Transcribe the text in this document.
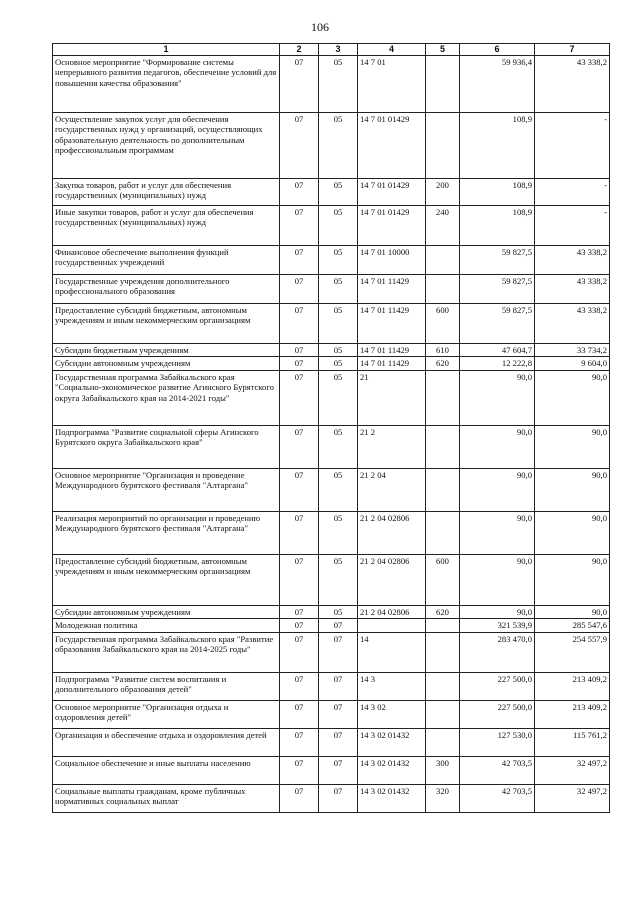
106
1	2	3	4	5	6	7
Основное мероприятие "Формирование системы непрерывного развития педагогов, обеспечение условий для повышения качества образования"	07	05	14 7 01		59 936,4	43 338,2
Осуществление закупок услуг для обеспечения государственных нужд у организаций, осуществляющих образовательную деятельность по дополнительным профессиональным программам	07	05	14 7 01 01429		108,9	-
Закупка товаров, работ и услуг для обеспечения государственных (муниципальных) нужд	07	05	14 7 01 01429	200	108,9	-
Иные закупки товаров, работ и услуг для обеспечения государственных (муниципальных) нужд	07	05	14 7 01 01429	240	108,9	-
Финансовое обеспечение выполнения функций государственных учреждений	07	05	14 7 01 10000		59 827,5	43 338,2
Государственные учреждения дополнительного профессионального образования	07	05	14 7 01 11429		59 827,5	43 338,2
Предоставление субсидий бюджетным, автономным учреждениям и иным некоммерческим организациям	07	05	14 7 01 11429	600	59 827,5	43 338,2
Субсидии бюджетным учреждениям	07	05	14 7 01 11429	610	47 604,7	33 734,2
Субсидии автономным учреждениям	07	05	14 7 01 11429	620	12 222,8	9 604,0
Государственная программа Забайкальского края "Социально-экономическое развитие Агинского Бурятского округа Забайкальского края на 2014-2021 годы"	07	05	21		90,0	90,0
Подпрограмма "Развитие социальной сферы Агинского Бурятского округа Забайкальского края"	07	05	21 2		90,0	90,0
Основное мероприятие "Организация и проведение Международного бурятского фестиваля "Алтаргана"	07	05	21 2 04		90,0	90,0
Реализация мероприятий по организации и проведению Международного бурятского фестиваля "Алтаргана"	07	05	21 2 04 02806		90,0	90,0
Предоставление субсидий бюджетным, автономным учреждениям и иным некоммерческим организациям	07	05	21 2 04 02806	600	90,0	90,0
Субсидии автономным учреждениям	07	05	21 2 04 02806	620	90,0	90,0
Молодежная политика	07	07			321 539,9	285 547,6
Государственная программа Забайкальского края "Развитие образования Забайкальского края на 2014-2025 годы"	07	07	14		283 470,0	254 557,9
Подпрограмма "Развитие систем воспитания и дополнительного образования детей"	07	07	14 3		227 500,0	213 409,2
Основное мероприятие "Организация отдыха и оздоровления детей"	07	07	14 3 02		227 500,0	213 409,2
Организация и обеспечение отдыха и оздоровления детей	07	07	14 3 02 01432		127 530,0	115 761,2
Социальное обеспечение и иные выплаты населению	07	07	14 3 02 01432	300	42 703,5	32 497,2
Социальные выплаты гражданам, кроме публичных нормативных социальных выплат	07	07	14 3 02 01432	320	42 703,5	32 497,2
